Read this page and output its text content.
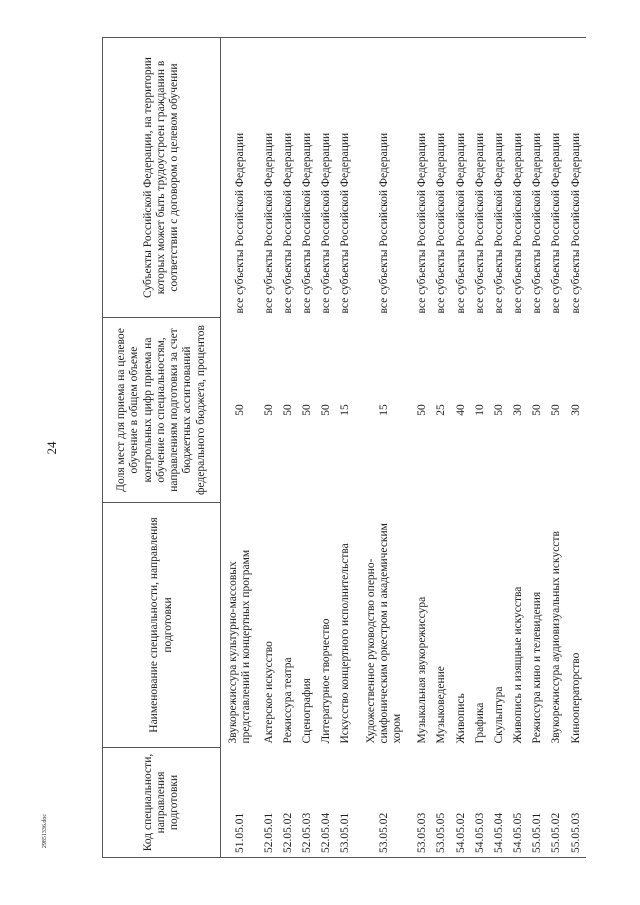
24
29851336.doc	Код специальности, направления подготовки	Наименование специальности, направления подготовки	Доля мест для приема на целевое обучение в общем объеме контрольных цифр приема на обучение по специальностям, направлениям подготовки за счет бюджетных ассигнований федерального бюджета, процентов	Субъекты Российской Федерации, на территории которых может быть трудоустроен гражданин в соответствии с договором о целевом обучении
51.05.01	Звукорежиссура культурно-массовых представлений и концертных программ	50	все субъекты Российской Федерации
52.05.01	Актерское искусство	50	все субъекты Российской Федерации
52.05.02	Режиссура театра	50	все субъекты Российской Федерации
52.05.03	Сценография	50	все субъекты Российской Федерации
52.05.04	Литературное творчество	50	все субъекты Российской Федерации
53.05.01	Искусство концертного исполнительства	15	все субъекты Российской Федерации
53.05.02	Художественное руководство оперно-симфоническим оркестром и академическим хором	15	все субъекты Российской Федерации
53.05.03	Музыкальная звукорежиссура	50	все субъекты Российской Федерации
53.05.05	Музыковедение	25	все субъекты Российской Федерации
54.05.02	Живопись	40	все субъекты Российской Федерации
54.05.03	Графика	10	все субъекты Российской Федерации
54.05.04	Скульптура	50	все субъекты Российской Федерации
54.05.05	Живопись и изящные искусства	30	все субъекты Российской Федерации
55.05.01	Режиссура кино и телевидения	50	все субъекты Российской Федерации
55.05.02	Звукорежиссура аудиовизуальных искусств	50	все субъекты Российской Федерации
55.05.03	Кинооператорство	30	все субъекты Российской Федерации
